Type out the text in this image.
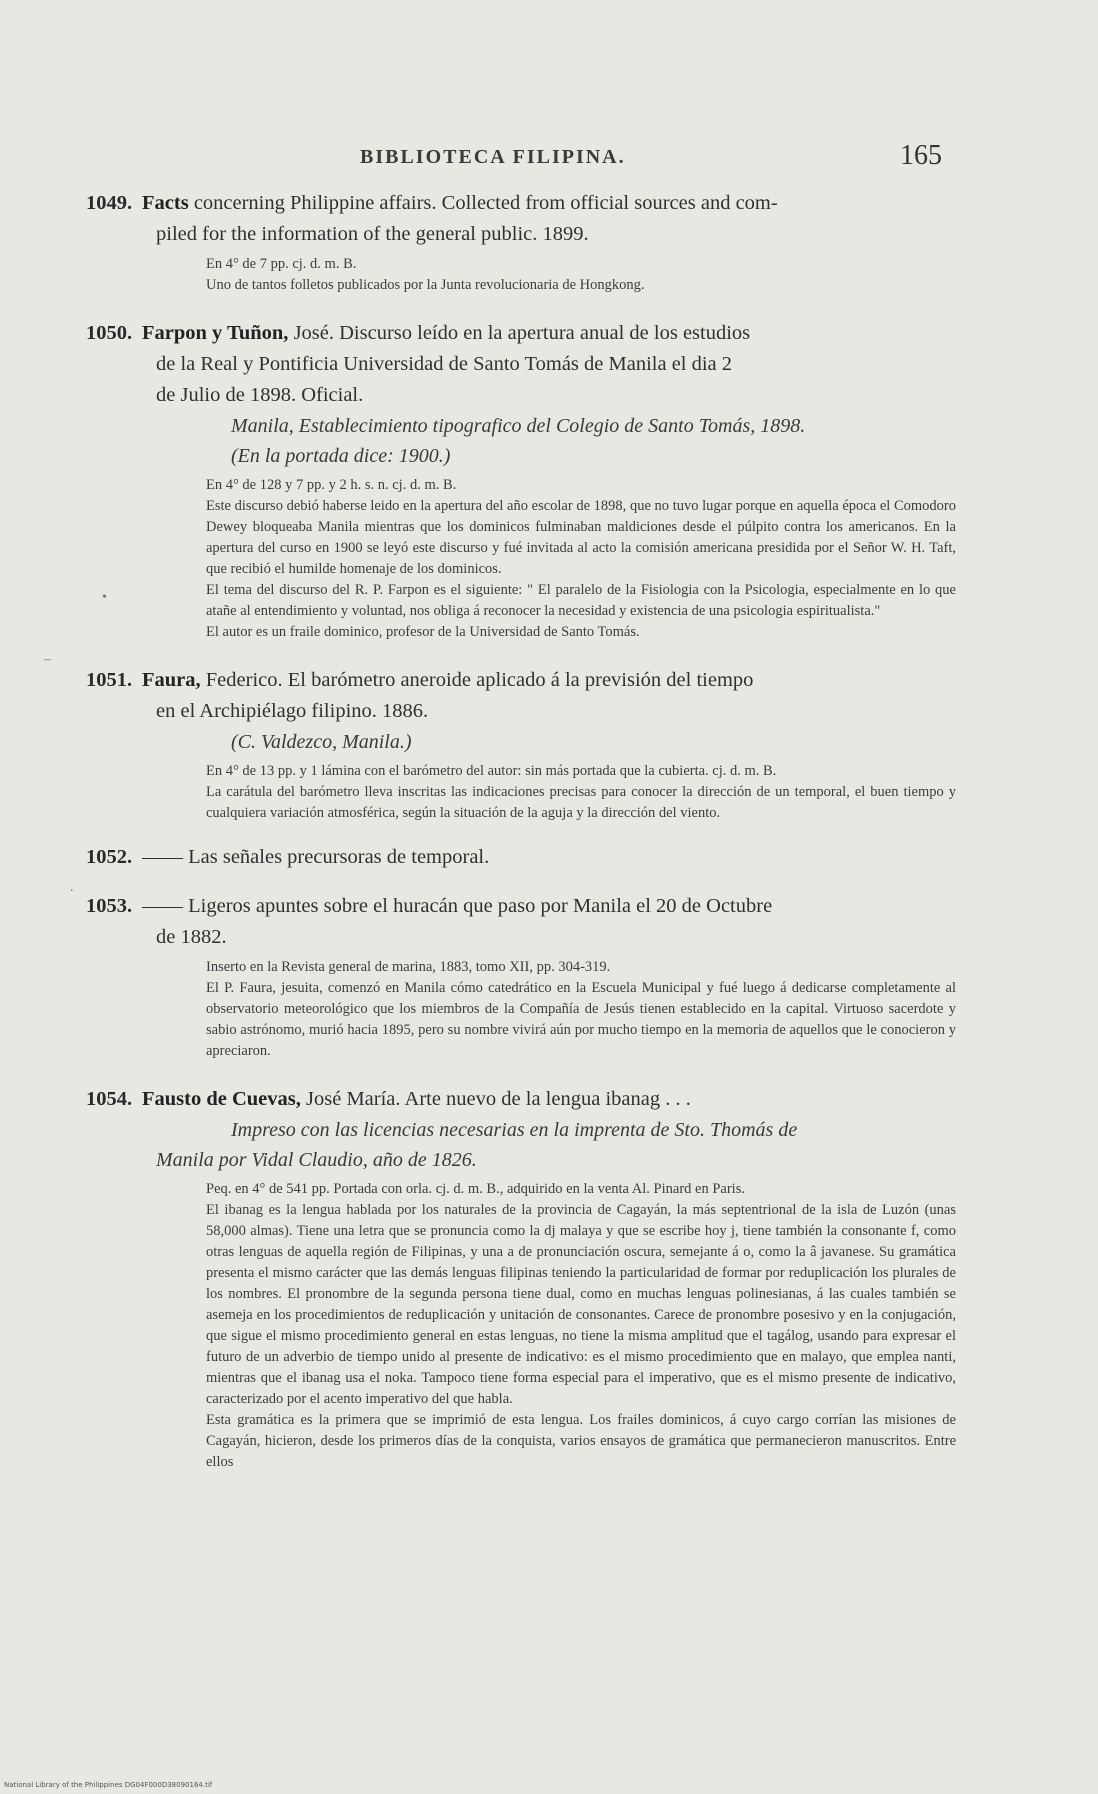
BIBLIOTECA FILIPINA.	165
1049. Facts concerning Philippine affairs. Collected from official sources and com-
piled for the information of the general public. 1899.
En 4° de 7 pp. cj. d. m. B.
Uno de tantos folletos publicados por la Junta revolucionaria de Hongkong.
1050. Farpon y Tuñon, José. Discurso leído en la apertura anual de los estudios
de la Real y Pontificia Universidad de Santo Tomás de Manila el dia 2
de Julio de 1898. Oficial.
Manila, Establecimiento tipografico del Colegio de Santo Tomás, 1898.
(En la portada dice: 1900.)
En 4° de 128 y 7 pp. y 2 h. s. n. cj. d. m. B.
Este discurso debió haberse leido en la apertura del año escolar de 1898, que no tuvo lugar porque en aquella época el Comodoro Dewey bloqueaba Manila mientras que los dominicos fulminaban maldiciones desde el púlpito contra los americanos. En la apertura del curso en 1900 se leyó este discurso y fué invitada al acto la comisión americana presidida por el Señor W. H. Taft, que recibió el humilde homenaje de los dominicos.
El tema del discurso del R. P. Farpon es el siguiente: " El paralelo de la Fisiologia con la Psicologia, especialmente en lo que atañe al entendimiento y voluntad, nos obliga á reconocer la necesidad y existencia de una psicologia espiritualista."
El autor es un fraile dominico, profesor de la Universidad de Santo Tomás.
1051. Faura, Federico. El barómetro aneroide aplicado á la previsión del tiempo
en el Archipiélago filipino. 1886.
(C. Valdezco, Manila.)
En 4° de 13 pp. y 1 lámina con el barómetro del autor: sin más portada que la cubierta. cj. d. m. B.
La carátula del barómetro lleva inscritas las indicaciones precisas para conocer la dirección de un temporal, el buen tiempo y cualquiera variación atmosférica, según la situación de la aguja y la dirección del viento.
1052. —— Las señales precursoras de temporal.
1053. —— Ligeros apuntes sobre el huracán que paso por Manila el 20 de Octubre
de 1882.
Inserto en la Revista general de marina, 1883, tomo XII, pp. 304-319.
El P. Faura, jesuita, comenzó en Manila cómo catedrático en la Escuela Municipal y fué luego á dedicarse completamente al observatorio meteorológico que los miembros de la Compañía de Jesús tienen establecido en la capital. Virtuoso sacerdote y sabio astrónomo, murió hacia 1895, pero su nombre vivirá aún por mucho tiempo en la memoria de aquellos que le conocieron y apreciaron.
1054. Fausto de Cuevas, José María. Arte nuevo de la lengua ibanag . . .
Impreso con las licencias necesarias en la imprenta de Sto. Thomás de
Manila por Vidal Claudio, año de 1826.
Peq. en 4° de 541 pp. Portada con orla. cj. d. m. B., adquirido en la venta Al. Pinard en Paris.
El ibanag es la lengua hablada por los naturales de la provincia de Cagayán, la más septentrional de la isla de Luzón (unas 58,000 almas). Tiene una letra que se pronuncia como la dj malaya y que se escribe hoy j, tiene también la consonante f, como otras lenguas de aquella región de Filipinas, y una a de pronunciación oscura, semejante á o, como la â javanese. Su gramática presenta el mismo carácter que las demás lenguas filipinas teniendo la particularidad de formar por reduplicación los plurales de los nombres. El pronombre de la segunda persona tiene dual, como en muchas lenguas polinesianas, á las cuales también se asemeja en los procedimientos de reduplicación y unitación de consonantes. Carece de pronombre posesivo y en la conjugación, que sigue el mismo procedimiento general en estas lenguas, no tiene la misma amplitud que el tagálog, usando para expresar el futuro de un adverbio de tiempo unido al presente de indicativo: es el mismo procedimiento que en malayo, que emplea nanti, mientras que el ibanag usa el noka. Tampoco tiene forma especial para el imperativo, que es el mismo presente de indicativo, caracterizado por el acento imperativo del que habla.
Esta gramática es la primera que se imprimió de esta lengua. Los frailes dominicos, á cuyo cargo corrían las misiones de Cagayán, hicieron, desde los primeros días de la conquista, varios ensayos de gramática que permanecieron manuscritos. Entre ellos
•
–
.
National Library of the Philippines DG04F000D38090164.tif
